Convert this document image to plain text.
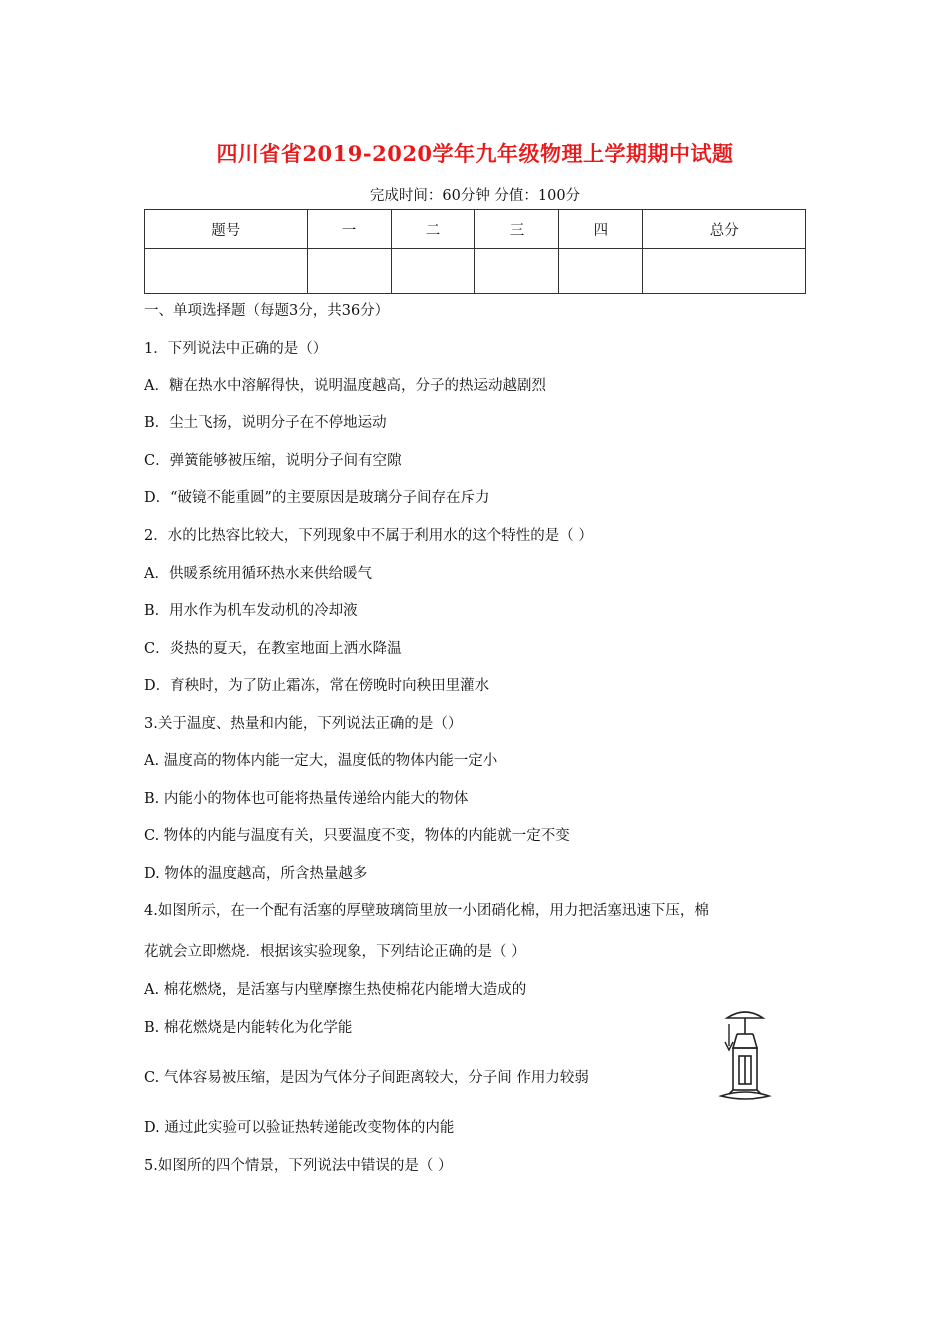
四川省省2019-2020学年九年级物理上学期期中试题
完成时间：60分钟 分值：100分
题号	一	二	三	四	总分

一、单项选择题（每题3分，共36分）
1．下列说法中正确的是（）
A．糖在热水中溶解得快，说明温度越高，分子的热运动越剧烈
B．尘土飞扬，说明分子在不停地运动
C．弹簧能够被压缩，说明分子间有空隙
D．“破镜不能重圆”的主要原因是玻璃分子间存在斥力
2．水的比热容比较大，下列现象中不属于利用水的这个特性的是（ ）
A．供暖系统用循环热水来供给暖气
B．用水作为机车发动机的冷却液
C．炎热的夏天，在教室地面上洒水降温
D．育秧时，为了防止霜冻，常在傍晚时向秧田里灌水
3.关于温度、热量和内能，下列说法正确的是（）
A. 温度高的物体内能一定大，温度低的物体内能一定小
B. 内能小的物体也可能将热量传递给内能大的物体
C. 物体的内能与温度有关，只要温度不变，物体的内能就一定不变
D. 物体的温度越高，所含热量越多
4.如图所示，在一个配有活塞的厚壁玻璃筒里放一小团硝化棉，用力把活塞迅速下压，棉
花就会立即燃烧．根据该实验现象，下列结论正确的是（ ）
A. 棉花燃烧，是活塞与内壁摩擦生热使棉花内能增大造成的
B. 棉花燃烧是内能转化为化学能
C. 气体容易被压缩，是因为气体分子间距离较大，分子间 作用力较弱
D. 通过此实验可以验证热转递能改变物体的内能
5.如图所的四个情景，下列说法中错误的是（ ）
